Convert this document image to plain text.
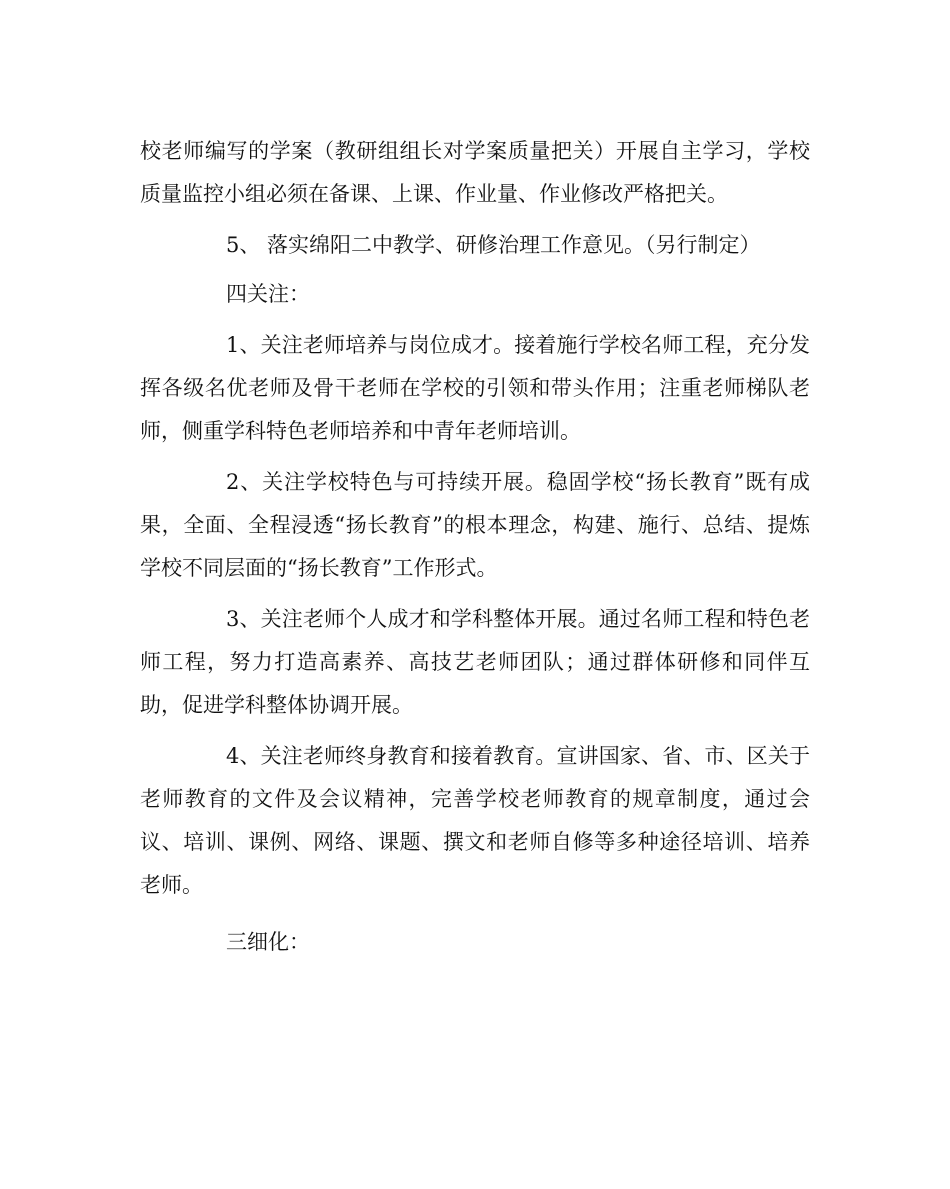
校老师编写的学案（教研组组长对学案质量把关）开展自主学习，学校质量监控小组必须在备课、上课、作业量、作业修改严格把关。

5、 落实绵阳二中教学、研修治理工作意见。（另行制定）

四关注：

1、关注老师培养与岗位成才。接着施行学校名师工程，充分发挥各级名优老师及骨干老师在学校的引领和带头作用；注重老师梯队老师，侧重学科特色老师培养和中青年老师培训。

2、关注学校特色与可持续开展。稳固学校“扬长教育”既有成果，全面、全程浸透“扬长教育”的根本理念，构建、施行、总结、提炼学校不同层面的“扬长教育”工作形式。

3、关注老师个人成才和学科整体开展。通过名师工程和特色老师工程，努力打造高素养、高技艺老师团队；通过群体研修和同伴互助，促进学科整体协调开展。

4、关注老师终身教育和接着教育。宣讲国家、省、市、区关于老师教育的文件及会议精神，完善学校老师教育的规章制度，通过会议、培训、课例、网络、课题、撰文和老师自修等多种途径培训、培养老师。

三细化：
